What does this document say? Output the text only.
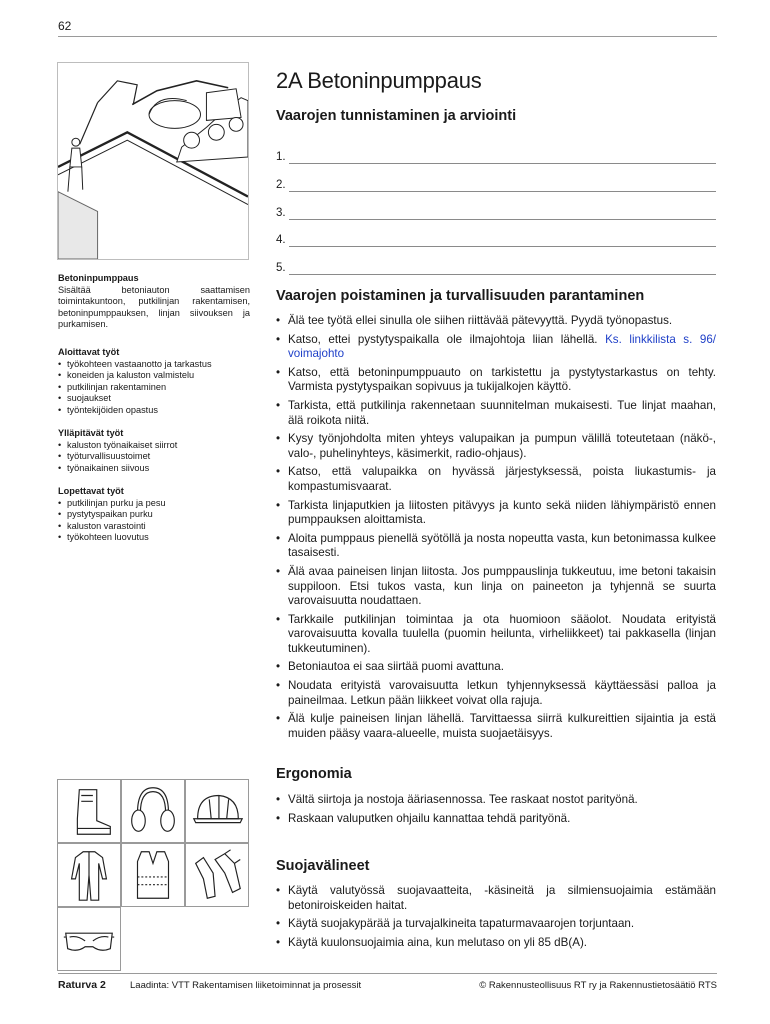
62
Betoninpumppaus

Sisältää betoniauton saattamisen toimintakuntoon, putkilinjan rakentamisen, betoninpumppauksen, linjan siivouksen ja purkamisen.

Aloittavat työt
• työkohteen vastaanotto ja tarkastus
• koneiden ja kaluston valmistelu
• putkilinjan rakentaminen
• suojaukset
• työntekijöiden opastus
Ylläpitävät työt
• kaluston työnaikaiset siirrot
• työturvallisuustoimet
• työnaikainen siivous
Lopettavat työt
• putkilinjan purku ja pesu
• pystytyspaikan purku
• kaluston varastointi
• työkohteen luovutus
2A Betoninpumppaus
Vaarojen tunnistaminen ja arviointi
1.
2.
3.
4.
5.
Vaarojen poistaminen ja turvallisuuden parantaminen
• Älä tee työtä ellei sinulla ole siihen riittävää pätevyyttä. Pyydä työnopastus.
• Katso, ettei pystytyspaikalla ole ilmajohtoja liian lähellä. Ks. linkkilista s. 96/ voimajohto
• Katso, että betoninpumppuauto on tarkistettu ja pystytystarkastus on tehty. Varmista pystytyspaikan sopivuus ja tukijalkojen käyttö.
• Tarkista, että putkilinja rakennetaan suunnitelman mukaisesti. Tue linjat maahan, älä roikota niitä.
• Kysy työnjohdolta miten yhteys valupaikan ja pumpun välillä toteutetaan (näkö-, valo-, puhelinyhteys, käsimerkit, radio-ohjaus).
• Katso, että valupaikka on hyvässä järjestyksessä, poista liukastumis- ja kompastumisvaarat.
• Tarkista linjaputkien ja liitosten pitävyys ja kunto sekä niiden lähiympäristö ennen pumppauksen aloittamista.
• Aloita pumppaus pienellä syötöllä ja nosta nopeutta vasta, kun betonimassa kulkee tasaisesti.
• Älä avaa paineisen linjan liitosta. Jos pumppauslinja tukkeutuu, ime betoni takaisin suppiloon. Etsi tukos vasta, kun linja on paineeton ja tyhjennä se suurta varovaisuutta noudattaen.
• Tarkkaile putkilinjan toimintaa ja ota huomioon sääolot. Noudata erityistä varovaisuutta kovalla tuulella (puomin heilunta, virheliikkeet) tai pakkasella (linjan tukkeutuminen).
• Betoniautoa ei saa siirtää puomi avattuna.
• Noudata erityistä varovaisuutta letkun tyhjennyksessä käyttäessäsi palloa ja paineilmaa. Letkun pään liikkeet voivat olla rajuja.
• Älä kulje paineisen linjan lähellä. Tarvittaessa siirrä kulkureittien sijaintia ja estä muiden pääsy vaara-alueelle, muista suojaetäisyys.
Ergonomia
• Vältä siirtoja ja nostoja ääriasennossa. Tee raskaat nostot parityönä.
• Raskaan valuputken ohjailu kannattaa tehdä parityönä.
Suojavälineet
• Käytä valutyössä suojavaatteita, -käsineitä ja silmiensuojaimia estämään betoniroiskeiden haitat.
• Käytä suojakypärää ja turvajalkineita tapaturmavaarojen torjuntaan.
• Käytä kuulonsuojaimia aina, kun melutaso on yli 85 dB(A).
Raturva 2	Laadinta: VTT Rakentamisen liiketoiminnat ja prosessit	© Rakennusteollisuus RT ry ja Rakennustietosäätiö RTS
